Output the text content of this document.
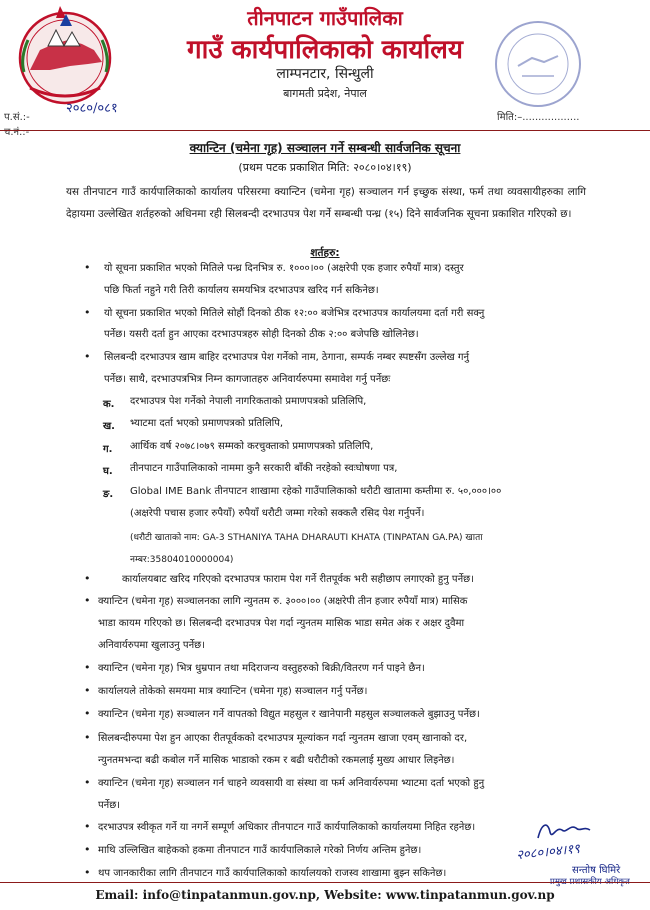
तीनपाटन गाउँपालिका
गाउँ कार्यपालिकाको कार्यालय
लाम्पनटार, सिन्धुली
बागमती प्रदेश, नेपाल
प.सं.:-
२०८०/०८१
च.नं.:-
मिति:–..................
क्यान्टिन (चमेना गृह) सञ्चालन गर्ने सम्बन्धी सार्वजनिक सूचना
(प्रथम पटक प्रकाशित मिति: २०८०।०४।१९)

यस तीनपाटन गाउँ कार्यपालिकाको कार्यालय परिसरमा क्यान्टिन (चमेना गृह) सञ्चालन गर्न इच्छुक संस्था, फर्म तथा व्यवसायीहरुका लागि देहायमा उल्लेखित शर्तहरुको अधिनमा रही सिलबन्दी दरभाउपत्र पेश गर्ने सम्बन्धी पन्ध्र (१५) दिने सार्वजनिक सूचना प्रकाशित गरिएको छ।

शर्तहरु:
• यो सूचना प्रकाशित भएको मितिले पन्ध्र दिनभित्र रु. १०००।०० (अक्षरेपी एक हजार रुपैयाँ मात्र) दस्तुर
पछि फिर्ता नहुने गरी तिरी कार्यालय समयभित्र दरभाउपत्र खरिद गर्न सकिनेछ।
• यो सूचना प्रकाशित भएको मितिले सोहौं दिनको ठीक १२:०० बजेभित्र दरभाउपत्र कार्यालयमा दर्ता गरी सक्नु
पर्नेछ। यसरी दर्ता हुन आएका दरभाउपत्रहरु सोही दिनको ठीक २:०० बजेपछि खोलिनेछ।
• सिलबन्दी दरभाउपत्र खाम बाहिर दरभाउपत्र पेश गर्नेको नाम, ठेगाना, सम्पर्क नम्बर स्पष्टसँग उल्लेख गर्नु
पर्नेछ। साथै, दरभाउपत्रभित्र निम्न कागजातहरु अनिवार्यरुपमा समावेश गर्नु पर्नेछः
क. दरभाउपत्र पेश गर्नेको नेपाली नागरिकताको प्रमाणपत्रको प्रतिलिपि,
ख. भ्याटमा दर्ता भएको प्रमाणपत्रको प्रतिलिपि,
ग. आर्थिक वर्ष २०७८।०७९ सम्मको करचुक्ताको प्रमाणपत्रको प्रतिलिपि,
घ. तीनपाटन गाउँपालिकाको नाममा कुनै सरकारी बाँकी नरहेको स्वःघोषणा पत्र,
ङ. Global IME Bank तीनपाटन शाखामा रहेको गाउँपालिकाको धरौटी खातामा कम्तीमा रु. ५०,०००।००
(अक्षरेपी पचास हजार रुपैयाँ) रुपैयाँ धरौटी जम्मा गरेको सक्कलै रसिद पेश गर्नुपर्ने।
(धरौटी खाताको नाम: GA-3 STHANIYA TAHA DHARAUTI KHATA (TINPATAN GA.PA) खाता
नम्बर:35804010000004)
•	कार्यालयबाट खरिद गरिएको दरभाउपत्र फाराम पेश गर्ने रीतपूर्वक भरी सहीछाप लगाएको हुनु पर्नेछ।
• क्यान्टिन (चमेना गृह) सञ्चालनका लागि न्युनतम रु. ३०००।०० (अक्षरेपी तीन हजार रुपैयाँ मात्र) मासिक
भाडा कायम गरिएको छ। सिलबन्दी दरभाउपत्र पेश गर्दा न्युनतम मासिक भाडा समेत अंक र अक्षर दुवैमा
अनिवार्यरुपमा खुलाउनु पर्नेछ।
• क्यान्टिन (चमेना गृह) भित्र धुम्रपान तथा मदिराजन्य वस्तुहरुको बिक्री/वितरण गर्न पाइने छैन।
• कार्यालयले तोकेको समयमा मात्र क्यान्टिन (चमेना गृह) सञ्चालन गर्नु पर्नेछ।
• क्यान्टिन (चमेना गृह) सञ्चालन गर्ने वापतको विद्युत महसुल र खानेपानी महसुल सञ्चालकले बुझाउनु पर्नेछ।
• सिलबन्दीरुपमा पेश हुन आएका रीतपूर्वकको दरभाउपत्र मूल्यांकन गर्दा न्युनतम खाजा एवम् खानाको दर,
न्युनतमभन्दा बढी कबोल गर्ने मासिक भाडाको रकम र बढी धरौटीको रकमलाई मुख्य आधार लिइनेछ।
• क्यान्टिन (चमेना गृह) सञ्चालन गर्न चाहने व्यवसायी वा संस्था वा फर्म अनिवार्यरुपमा भ्याटमा दर्ता भएको हुनु
पर्नेछ।
• दरभाउपत्र स्वीकृत गर्ने या नगर्ने सम्पूर्ण अधिकार तीनपाटन गाउँ कार्यपालिकाको कार्यालयमा निहित रहनेछ।
• माथि उल्लिखित बाहेकको हकमा तीनपाटन गाउँ कार्यपालिकाले गरेको निर्णय अन्तिम हुनेछ।
• थप जानकारीका लागि तीनपाटन गाउँ कार्यपालिकाको कार्यालयको राजस्व शाखामा बुझ्न सकिनेछ।
२०८०।०४।१९
सन्तोष घिमिरे
प्रमुख प्रशासकीय अधिकृत
Email: info@tinpatanmun.gov.np, Website: www.tinpatanmun.gov.np
